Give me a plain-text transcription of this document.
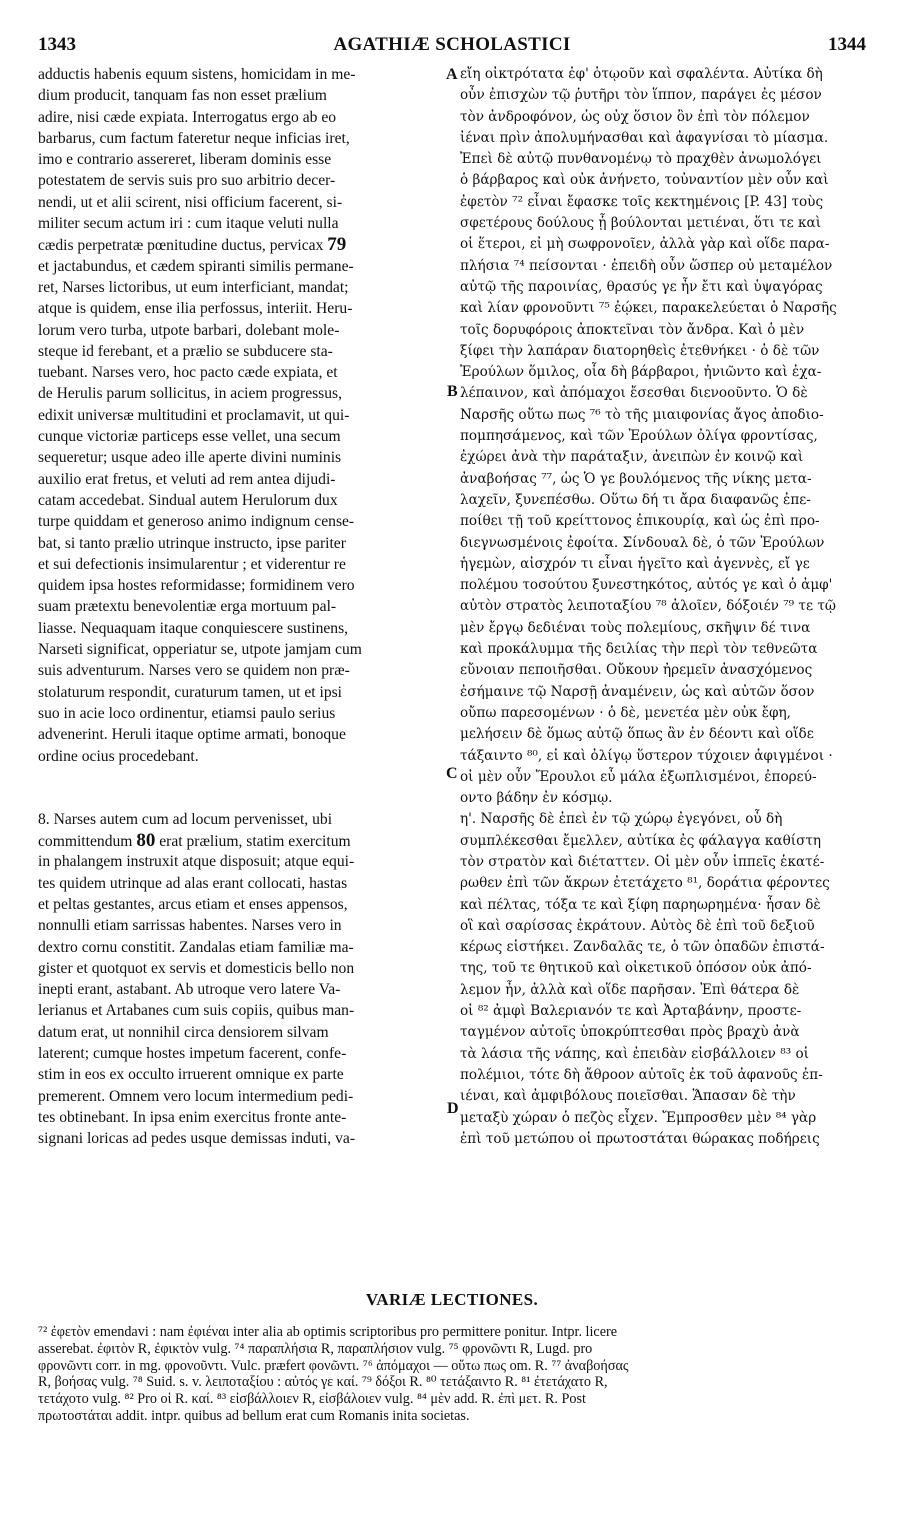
1343	AGATHIÆ SCHOLASTICI	1344
adductis habenis equum sistens, homicidam in me-
dium producit, tanquam fas non esset prælium
adire, nisi cæde expiata. Interrogatus ergo ab eo
barbarus, cum factum fateretur neque inficias iret,
imo e contrario assereret, liberam dominis esse
potestatem de servis suis pro suo arbitrio decer-
nendi, ut et alii scirent, nisi officium facerent, si-
militer secum actum iri : cum itaque veluti nulla
cædis perpetratæ pœnitudine ductus, pervicax 79
et jactabundus, et cædem spiranti similis permane-
ret, Narses lictoribus, ut eum interficiant, mandat;
atque is quidem, ense ilia perfossus, interiit. Heru-
lorum vero turba, utpote barbari, dolebant mole-
steque id ferebant, et a prælio se subducere sta-
tuebant. Narses vero, hoc pacto cæde expiata, et
de Herulis parum sollicitus, in aciem progressus,
edixit universæ multitudini et proclamavit, ut qui-
cunque victoriæ particeps esse vellet, una secum
sequeretur; usque adeo ille aperte divini numinis
auxilio erat fretus, et veluti ad rem antea dijudi-
catam accedebat. Sindual autem Herulorum dux
turpe quiddam et generoso animo indignum cense-
bat, si tanto prælio utrinque instructo, ipse pariter
et sui defectionis insimularentur ; et viderentur re
quidem ipsa hostes reformidasse; formidinem vero
suam prætextu benevolentiæ erga mortuum pal-
liasse. Nequaquam itaque conquiescere sustinens,
Narseti significat, opperiatur se, utpote jamjam cum
suis adventurum. Narses vero se quidem non præ-
stolaturum respondit, curaturum tamen, ut et ipsi
suo in acie loco ordinentur, etiamsi paulo serius
advenerint. Heruli itaque optime armati, bonoque
ordine ocius procedebant.
8. Narses autem cum ad locum pervenisset, ubi
committendum 80 erat prælium, statim exercitum
in phalangem instruxit atque disposuit; atque equi-
tes quidem utrinque ad alas erant collocati, hastas
et peltas gestantes, arcus etiam et enses appensos,
nonnulli etiam sarrissas habentes. Narses vero in
dextro cornu constitit. Zandalas etiam familiæ ma-
gister et quotquot ex servis et domesticis bello non
inepti erant, astabant. Ab utroque vero latere Va-
lerianus et Artabanes cum suis copiis, quibus man-
datum erat, ut nonnihil circa densiorem silvam
laterent; cumque hostes impetum facerent, confe-
stim in eos ex occulto irruerent omnique ex parte
premerent. Omnem vero locum intermedium pedi-
tes obtinebant. In ipsa enim exercitus fronte ante-
signani loricas ad pedes usque demissas induti, va-
A
B
C
D
εἴη οἰκτρότατα ἐφ' ὁτῳοῦν καὶ σφαλέντα. Αὐτίκα δὴ
οὖν ἐπισχὼν τῷ ῥυτῆρι τὸν ἵππον, παράγει ἐς μέσον
τὸν ἀνδροφόνον, ὡς οὐχ ὅσιον ὂν ἐπὶ τὸν πόλεμον
ἰέναι πρὶν ἀπολυμήνασθαι καὶ ἀφαγνίσαι τὸ μίασμα.
Ἐπεὶ δὲ αὐτῷ πυνθανομένῳ τὸ πραχθὲν ἀνωμολόγει
ὁ βάρβαρος καὶ οὐκ ἀνήνετο, τοὐναντίον μὲν οὖν καὶ
ἐφετὸν ⁷² εἶναι ἔφασκε τοῖς κεκτημένοις [P. 43] τοὺς
σφετέρους δούλους ᾗ βούλονται μετιέναι, ὅτι τε καὶ
οἱ ἕτεροι, εἰ μὴ σωφρονοῖεν, ἀλλὰ γὰρ καὶ οἵδε παρα-
πλήσια ⁷⁴ πείσονται · ἐπειδὴ οὖν ὥσπερ οὐ μεταμέλον
αὐτῷ τῆς παροινίας, θρασύς γε ἦν ἔτι καὶ ὑψαγόρας
καὶ λίαν φρονοῦντι ⁷⁵ ἐῴκει, παρακελεύεται ὁ Ναρσῆς
τοῖς δορυφόροις ἀποκτεῖναι τὸν ἄνδρα. Καὶ ὁ μὲν
ξίφει τὴν λαπάραν διατορηθεὶς ἐτεθνήκει · ὁ δὲ τῶν
Ἐρούλων ὅμιλος, οἷα δὴ βάρβαροι, ἠνιῶντο καὶ ἐχα-
λέπαινον, καὶ ἀπόμαχοι ἔσεσθαι διενοοῦντο. Ὁ δὲ
Ναρσῆς οὕτω πως ⁷⁶ τὸ τῆς μιαιφονίας ἄγος ἀποδιο-
πομπησάμενος, καὶ τῶν Ἐρούλων ὀλίγα φροντίσας,
ἐχώρει ἀνὰ τὴν παράταξιν, ἀνειπὼν ἐν κοινῷ καὶ
ἀναβοήσας ⁷⁷, ὡς Ὁ γε βουλόμενος τῆς νίκης μετα-
λαχεῖν, ξυνεπέσθω. Οὕτω δή τι ἄρα διαφανῶς ἐπε-
ποίθει τῇ τοῦ κρείττονος ἐπικουρίᾳ, καὶ ὡς ἐπὶ προ-
διεγνωσμένοις ἐφοίτα. Σίνδουαλ δὲ, ὁ τῶν Ἐρούλων
ἡγεμὼν, αἰσχρόν τι εἶναι ἡγεῖτο καὶ ἀγεννὲς, εἴ γε
πολέμου τοσούτου ξυνεστηκότος, αὐτός γε καὶ ὁ ἀμφ'
αὐτὸν στρατὸς λειποταξίου ⁷⁸ ἁλοῖεν, δόξοιέν ⁷⁹ τε τῷ
μὲν ἔργῳ δεδιέναι τοὺς πολεμίους, σκῆψιν δέ τινα
καὶ προκάλυμμα τῆς δειλίας τὴν περὶ τὸν τεθνεῶτα
εὔνοιαν πεποιῆσθαι. Οὔκουν ἠρεμεῖν ἀνασχόμενος
ἐσήμαινε τῷ Ναρσῇ ἀναμένειν, ὡς καὶ αὐτῶν ὅσον
οὔπω παρεσομένων · ὁ δὲ, μενετέα μὲν οὐκ ἔφη,
μελήσειν δὲ ὅμως αὐτῷ ὅπως ἂν ἐν δέοντι καὶ οἵδε
τάξαιντο ⁸⁰, εἰ καὶ ὀλίγῳ ὕστερον τύχοιεν ἀφιγμένοι ·
οἱ μὲν οὖν Ἔρουλοι εὖ μάλα ἐξωπλισμένοι, ἐπορεύ-
οντο βάδην ἐν κόσμῳ.
η'. Ναρσῆς δὲ ἐπεὶ ἐν τῷ χώρῳ ἐγεγόνει, οὗ δὴ
συμπλέκεσθαι ἔμελλεν, αὐτίκα ἐς φάλαγγα καθίστη
τὸν στρατὸν καὶ διέταττεν. Οἱ μὲν οὖν ἱππεῖς ἑκατέ-
ρωθεν ἐπὶ τῶν ἄκρων ἐτετάχετο ⁸¹, δοράτια φέροντες
καὶ πέλτας, τόξα τε καὶ ξίφη παρηωρημένα· ἦσαν δὲ
οἳ καὶ σαρίσσας ἐκράτουν. Αὐτὸς δὲ ἐπὶ τοῦ δεξιοῦ
κέρως εἱστήκει. Ζανδαλᾶς τε, ὁ τῶν ὀπαδῶν ἐπιστά-
της, τοῦ τε θητικοῦ καὶ οἰκετικοῦ ὁπόσον οὐκ ἀπό-
λεμον ἦν, ἀλλὰ καὶ οἵδε παρῆσαν. Ἐπὶ θάτερα δὲ
οἱ ⁸² ἀμφὶ Βαλεριανόν τε καὶ Ἀρταβάνην, προστε-
ταγμένον αὐτοῖς ὑποκρύπτεσθαι πρὸς βραχὺ ἀνὰ
τὰ λάσια τῆς νάπης, καὶ ἐπειδὰν εἰσβάλλοιεν ⁸³ οἱ
πολέμιοι, τότε δὴ ἄθροον αὐτοῖς ἐκ τοῦ ἀφανοῦς ἐπ-
ιέναι, καὶ ἀμφιβόλους ποιεῖσθαι. Ἅπασαν δὲ τὴν
μεταξὺ χώραν ὁ πεζὸς εἶχεν. Ἔμπροσθεν μὲν ⁸⁴ γὰρ
ἐπὶ τοῦ μετώπου οἱ πρωτοστάται θώρακας ποδήρεις
VARIÆ LECTIONES.
⁷² ἐφετὸν emendavi : nam ἐφιέναι inter alia ab optimis scriptoribus pro permittere ponitur. Intpr. licere
asserebat. ἐφιτὸν R, ἐφικτὸν vulg. ⁷⁴ παραπλήσια R, παραπλήσιον vulg. ⁷⁵ φρονῶντι R, Lugd. pro
φρονῶντι corr. in mg. φρονοῦντι. Vulc. præfert φονῶντι. ⁷⁶ ἀπόμαχοι — οὕτω πως om. R. ⁷⁷ ἀναβοήσας
R, βοήσας vulg. ⁷⁸ Suid. s. v. λειποταξίου : αὐτός γε καί. ⁷⁹ δόξοι R. ⁸⁰ τετάξαιντο R. ⁸¹ ἐτετάχατο R,
τετάχοτο vulg. ⁸² Pro οἱ R. καί. ⁸³ εἰσβάλλοιεν R, εἰσβάλοιεν vulg. ⁸⁴ μὲν add. R. ἐπὶ μετ. R. Post
πρωτοστάται addit. intpr. quibus ad bellum erat cum Romanis inita societas.
